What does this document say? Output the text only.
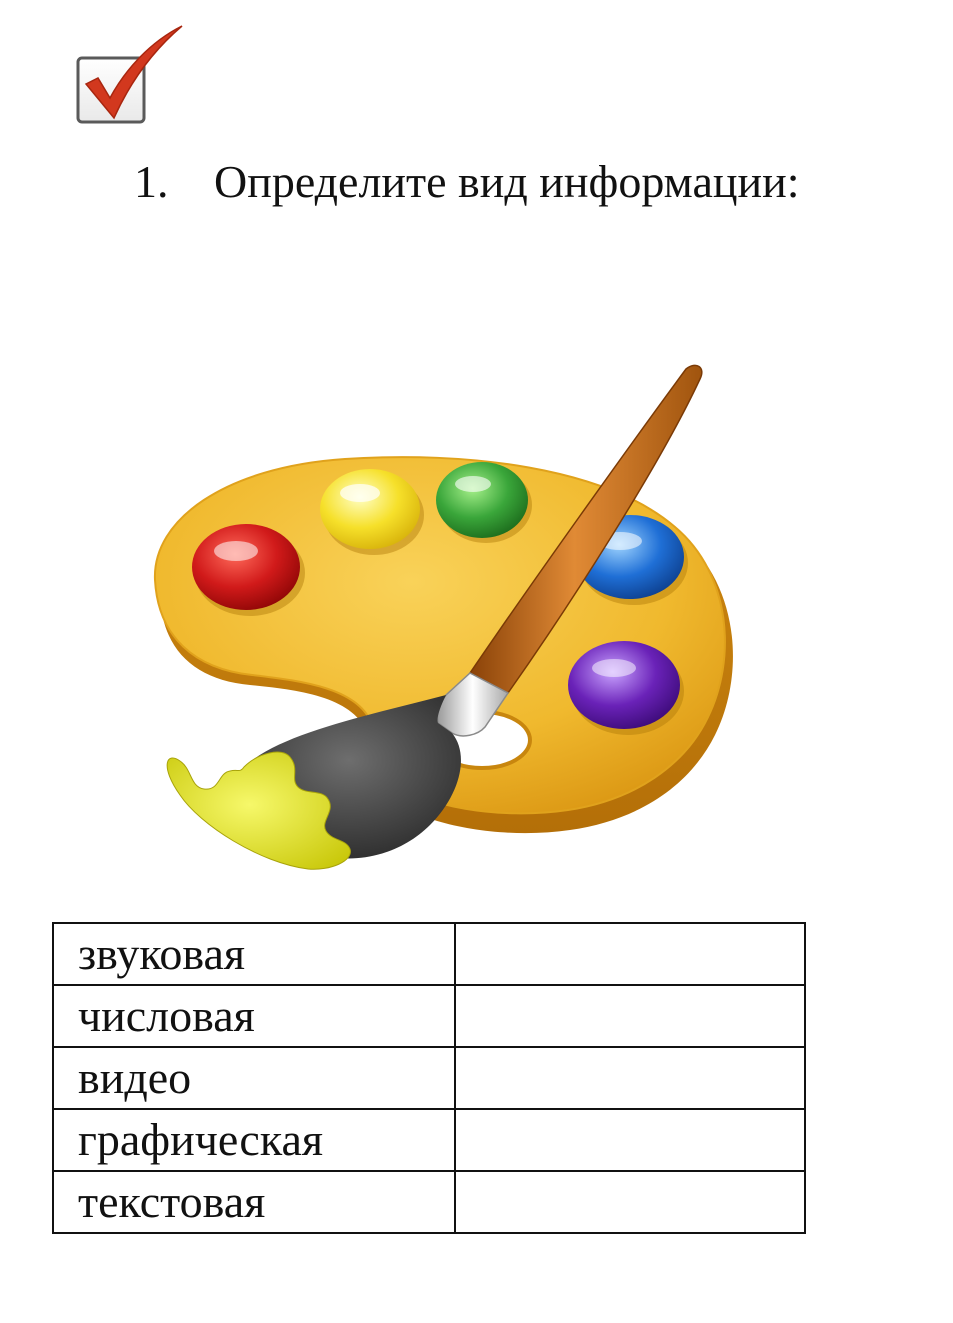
1. Определите вид информации:
звуковая	
числовая	
видео	
графическая	
текстовая	
